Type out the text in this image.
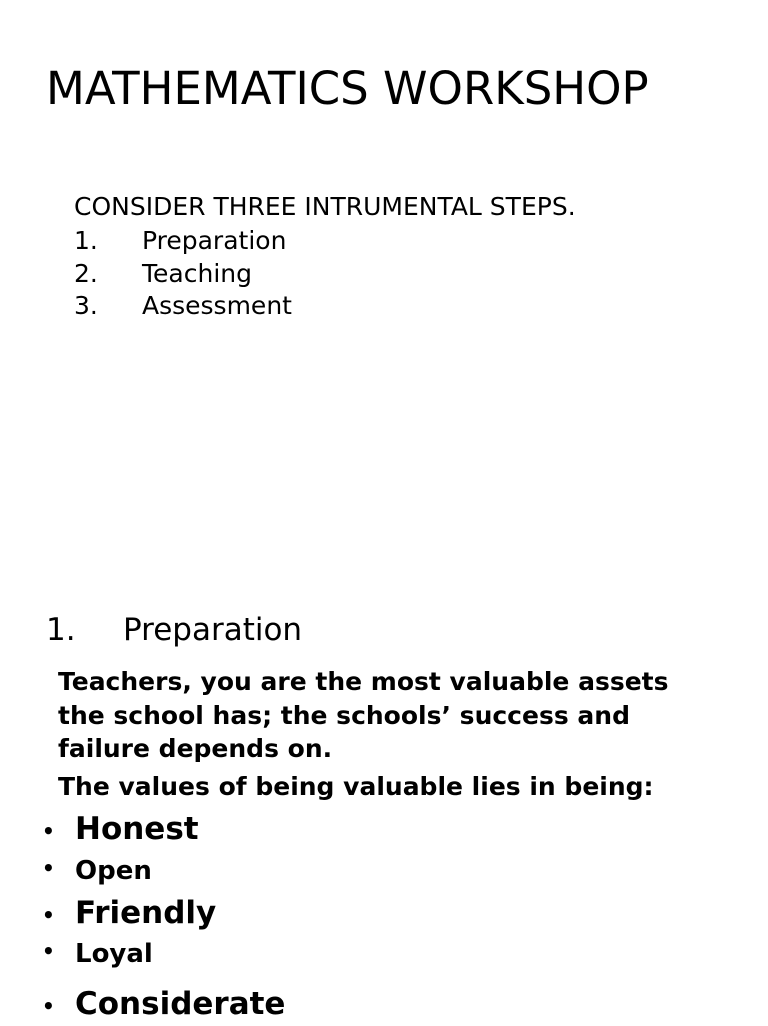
MATHEMATICS WORKSHOP
CONSIDER THREE INTRUMENTAL STEPS.
1. Preparation
2. Teaching
3. Assessment
1. Preparation
Teachers, you are the most valuable assets the school has; the schools’ success and failure depends on.
The values of being valuable lies in being:
• Honest
• Open
• Friendly
• Loyal
• Considerate
